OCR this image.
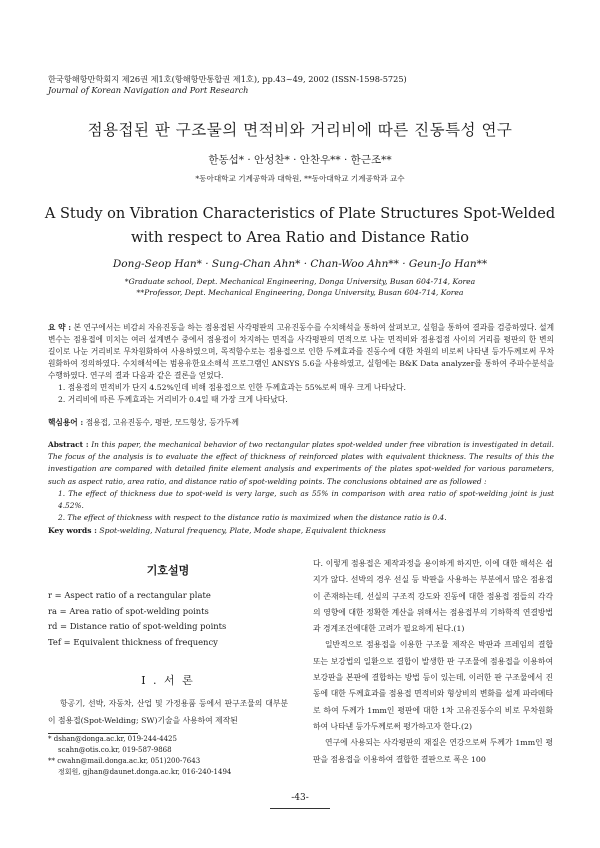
한국항해항만학회지 제26권 제1호(항해항만통합권 제1호), pp.43~49, 2002 (ISSN-1598-5725)
Journal of Korean Navigation and Port Research
점용접된 판 구조물의 면적비와 거리비에 따른 진동특성 연구
한동섭* · 안성찬* · 안찬우** · 한근조**
*동아대학교 기계공학과 대학원, **동아대학교 기계공학과 교수
A Study on Vibration Characteristics of Plate Structures Spot-Welded
with respect to Area Ratio and Distance Ratio
Dong-Seop Han* · Sung-Chan Ahn* · Chan-Woo Ahn** · Geun-Jo Han**
*Graduate school, Dept. Mechanical Engineering, Donga University, Busan 604-714, Korea
**Professor, Dept. Mechanical Engineering, Donga University, Busan 604-714, Korea
요 약 : 본 연구에서는 비감쇠 자유진동을 하는 점용접된 사각평판의 고유진동수를 수치해석을 통하여 살펴보고, 실험을 통하여 결과를 검증하였다. 설계변수는 점용접에 미치는 여러 설계변수 중에서 점용접이 차지하는 면적을 사각평판의 면적으로 나눈 면적비와 점용접점 사이의 거리를 평판의 한 변의 길이로 나눈 거리비로 무차원화하여 사용하였으며, 목적함수로는 점용접으로 인한 두께효과를 진동수에 대한 차원의 비로써 나타낸 등가두께로써 무차원화하여 정의하였다. 수치해석에는 범용유한요소해석 프로그램인 ANSYS 5.6을 사용하였고, 실험에는 B&K Data analyzer를 통하여 주파수분석을 수행하였다. 연구의 결과 다음과 같은 결론을 얻었다.
1. 점용접의 면적비가 단지 4.52%인데 비해 점용접으로 인한 두께효과는 55%로써 매우 크게 나타났다.
2. 거리비에 따른 두께효과는 거리비가 0.4일 때 가장 크게 나타났다.
핵심용어 : 점용접, 고유진동수, 평판, 모드형상, 등가두께
Abstract : In this paper, the mechanical behavior of two rectangular plates spot-welded under free vibration is investigated in detail. The focus of the analysis is to evaluate the effect of thickness of reinforced plates with equivalent thickness. The results of this the investigation are compared with detailed finite element analysis and experiments of the plates spot-welded for various parameters, such as aspect ratio, area ratio, and distance ratio of spot-welding points. The conclusions obtained are as followed :
1. The effect of thickness due to spot-weld is very large, such as 55% in comparison with area ratio of spot-welding joint is just 4.52%.
2. The effect of thickness with respect to the distance ratio is maximized when the distance ratio is 0.4.
Key words : Spot-welding, Natural frequency, Plate, Mode shape, Equivalent thickness
기호설명
r = Aspect ratio of a rectangular plate
ra = Area ratio of spot-welding points
rd = Distance ratio of spot-welding points
Tef = Equivalent thickness of frequency
I . 서 론
항공기, 선박, 자동차, 산업 및 가정용품 등에서 판구조물의 대부분이 점용접(Spot-Welding; SW)기술을 사용하여 제작된
* dshan@donga.ac.kr, 019-244-4425
scahn@otis.co.kr, 019-587-9868
** cwahn@mail.donga.ac.kr, 051)200-7643
정회원, gjhan@daunet.donga.ac.kr, 016-240-1494

다. 이렇게 점용접은 제작과정을 용이하게 하지만, 이에 대한 해석은 쉽지가 않다. 선박의 경우 선실 등 박판을 사용하는 부분에서 많은 점용접이 존재하는데, 선실의 구조적 강도와 진동에 대한 점용접 점들의 각각의 영향에 대한 정확한 계산을 위해서는 점용접부의 기하학적 연결방법과 경계조건에대한 고려가 필요하게 된다.(1)

일반적으로 점용접을 이용한 구조물 제작은 박판과 프레임의 결합 또는 보강법의 일환으로 결합이 발생한 판 구조물에 점용접을 이용하여 보강판을 본판에 결합하는 방법 등이 있는데, 이러한 판 구조물에서 진동에 대한 두께효과를 점용접 면적비와 형상비의 변화를 설계 파라메타로 하여 두께가 1mm인 평판에 대한 1차 고유진동수의 비로 무차원화하여 나타낸 등가두께로써 평가하고자 한다.(2)

연구에 사용되는 사각평판의 재질은 연강으로써 두께가 1mm인 평판을 점용접을 이용하여 결합한 결판으로 폭은 100

-43-
